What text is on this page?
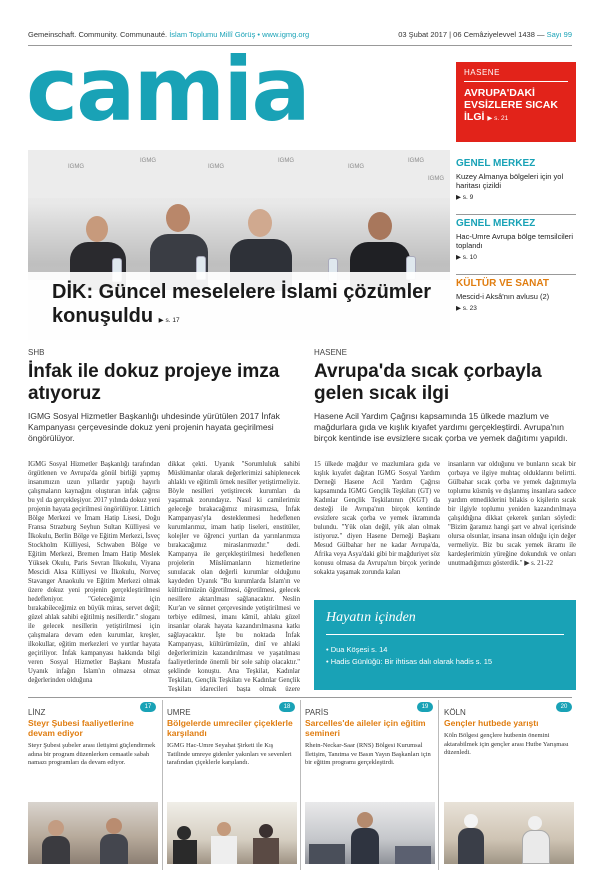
Gemeinschaft. Community. Communauté. İslam Toplumu Millî Görüş • www.igmg.org	03 Şubat 2017 | 06 Cemâziyelevvel 1438 — Sayı 99
camia	HASENE
AVRUPA'DAKİ EVSİZLERE SICAK İLGİ ▶ s. 21
IGMG
IGMG
IGMG
IGMG
IGMG
IGMG
IGMG
DİK: Güncel meselelere İslami çözümler konuşuldu ▶ s. 17
GENEL MERKEZ
Kuzey Almanya bölgeleri için yol haritası çizildi
▶ s. 9
GENEL MERKEZ
Hac-Umre Avrupa bölge temsilcileri toplandı
▶ s. 10
KÜLTÜR VE SANAT
Mescid-i Aksâ'nın avlusu (2)
▶ s. 23
SHB
İnfak ile dokuz projeye imza atıyoruz
IGMG Sosyal Hizmetler Başkanlığı uhdesinde yürütülen 2017 İnfak Kampanyası çerçevesinde dokuz yeni projenin hayata geçirilmesi öngörülüyor.
IGMG Sosyal Hizmetler Başkanlığı tarafından örgütlenen ve Avrupa'da gönül birliği yapmış insanımızın uzun yıllardır yaptığı hayırlı çalışmaların kaynağını oluşturan infak çağrısı bu yıl da gerçekleşiyor. 2017 yılında dokuz yeni projenin hayata geçirilmesi öngörülüyor. Lüttich Bölge Merkezi ve İmam Hatip Lisesi, Doğu Fransa Strazburg Seyhun Sultan Külliyesi ve İlkokulu, Berlin Bölge ve Eğitim Merkezi, İsveç Stockholm Külliyesi, Schwaben Bölge ve Eğitim Merkezi, Bremen İmam Hatip Meslek Yüksek Okulu, Paris Sevran İlkokulu, Viyana Mescidi Aksa Külliyesi ve İlkokulu, Norveç Stavanger Anaokulu ve Eğitim Merkezi olmak üzere dokuz yeni projenin gerçekleştirilmesi hedefleniyor. "Geleceğimiz için bırakabileceğimiz en büyük miras, servet değil; güzel ahlak sahibi eğitilmiş nesillerdir." sloganı ile gelecek nesillerin yetiştirilmesi için çalışmalara devam eden kurumlar, kreşler, ilkokullar, eğitim merkezleri ve yurtlar hayata geçiriliyor. İnfak kampanyası hakkında bilgi veren Sosyal Hizmetler Başkanı Mustafa Uyanık infağın İslam'ın olmazsa olmaz değerlerinden olduğuna
dikkat çekti. Uyanık "Sorumluluk sahibi Müslümanlar olarak değerlerimizi sahiplenecek ahlaklı ve eğitimli örnek nesiller yetiştirmeliyiz. Böyle nesilleri yetiştirecek kurumları da yaşatmak zorundayız. Nasıl ki camilerimiz geleceğe bırakacağımız mirasımızsa, İnfak Kampanyası'yla desteklenmesi hedeflenen kurumlarımız, imam hatip liseleri, enstitüler, kolejler ve öğrenci yurtları da yarınlarımıza bırakacağımız miraslarımızdır." dedi. Kampanya ile gerçekleştirilmesi hedeflenen projelerin Müslümanların hizmetlerine sunulacak olan değerli kurumlar olduğunu kaydeden Uyanık "Bu kurumlarda İslam'ın ve kültürümüzün öğretilmesi, öğretilmesi, gelecek nesillere aktarılması sağlanacaktır. Neslin Kur'an ve sünnet çerçevesinde yetiştirilmesi ve terbiye edilmesi, imanı kâmil, ahlakı güzel insanlar olarak hayata kazandırılmasına katkı sağlayacaktır. İşte bu noktada İnfak Kampanyası, kültürümüzün, dinî ve ahlaki değerlerimizin kazandırılması ve yaşatılması faaliyetlerinde önemli bir sole sahip olacaktır." şeklinde konuştu. Ana Teşkilat, Kadınlar Teşkilatı, Gençlik Teşkilatı ve Kadınlar Gençlik Teşkilatı idarecileri başta olmak üzere
HASENE
Avrupa'da sıcak çorbayla gelen sıcak ilgi
Hasene Acil Yardım Çağrısı kapsamında 15 ülkede mazlum ve mağdurlara gıda ve kışlık kıyafet yardımı gerçekleştirdi. Avrupa'nın birçok kentinde ise evsizlere sıcak çorba ve yemek dağıtımı yapıldı.
15 ülkede mağdur ve mazlumlara gıda ve kışlık kıyafet dağıtan IGMG Sosyal Yardım Derneği Hasene Acil Yardım Çağrısı kapsamında IGMG Gençlik Teşkilatı (GT) ve Kadınlar Gençlik Teşkilatının (KGT) da desteği ile Avrupa'nın birçok kentinde evsizlere sıcak çorba ve yemek ikramında bulundu. "Yük olan değil, yük alan olmak istiyoruz." diyen Hasene Derneği Başkanı Mesud Gülbahar her ne kadar Avrupa'da, Afrika veya Asya'daki gibi bir mağduriyet söz konusu olmasa da Avrupa'nın birçok yerinde sokakta yaşamak zorunda kalan
insanların var olduğunu ve bunların sıcak bir çorbaya ve ilgiye muhtaç olduklarını belirtti. Gülbahar sıcak çorba ve yemek dağıtımıyla toplumu küsmüş ve dışlanmış insanlara sadece yardım etmediklerini bilakis o kişilerin sıcak bir ilgiyle toplumu yeniden kazandırılmaya çalışıldığına dikkat çekerek şunları söyledi: "Bizim ğaramız hangi şart ve ahval içerisinde olursa olsunlar, insana insan olduğu için değer vermeliyiz. Biz bu sıcak yemek ikramı ile kardeşlerimizin yüreğine dokunduk ve onları unutmadığımızı gösterdik." ▶ s. 21-22
Hayatın içinden
• Dua Köşesi s. 14
• Hadis Günlüğü: Bir ihtisas dalı olarak hadis s. 15
LİNZ
17
Steyr Şubesi faaliyetlerine devam ediyor
Steyr Şubesi şubeler arası iletişimi güçlendirmek adına bir program düzenlerken cemaatle sabah namazı programları da devam ediyor.
UMRE
18
Bölgelerde umreciler çiçeklerle karşılandı
IGMG Hac-Umre Seyahat Şirketi ile Kış Tatilinde umreye gidenler yakınları ve sevenleri tarafından çiçeklerle karşılandı.
PARİS
19
Sarcelles'de aileler için eğitim semineri
Rhein-Neckar-Saar (RNS) Bölgesi Kurumsal İletişim, Tanıtma ve Basın Yayın Başkanları için bir eğitim programı gerçekleştirdi.
KÖLN
20
Gençler hutbede yarıştı
Köln Bölgesi gençlere hutbenin önemini aktarabilmek için gençler arası Hutbe Yarışması düzenledi.
